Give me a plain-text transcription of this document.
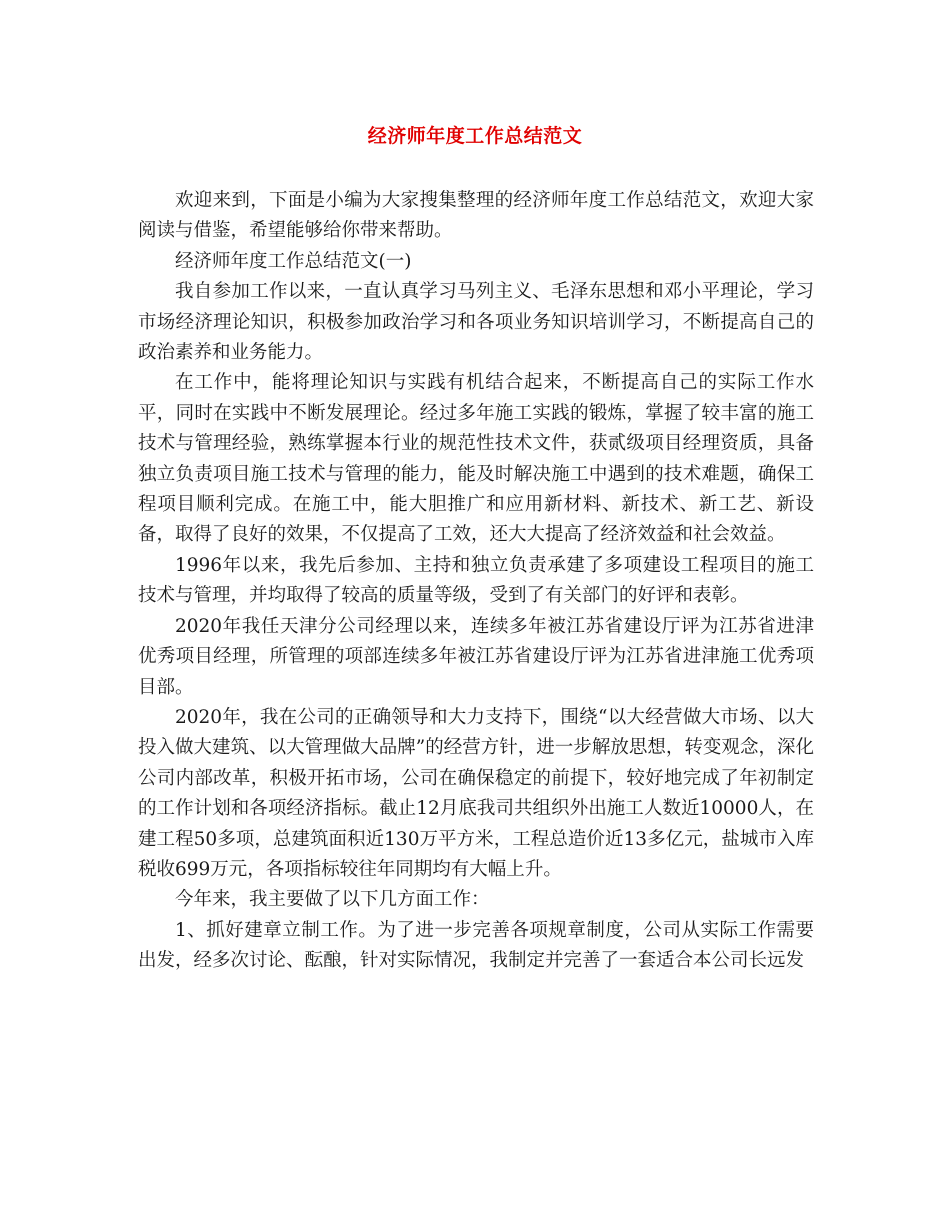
经济师年度工作总结范文

欢迎来到，下面是小编为大家搜集整理的经济师年度工作总结范文，欢迎大家阅读与借鉴，希望能够给你带来帮助。

经济师年度工作总结范文(一)

我自参加工作以来，一直认真学习马列主义、毛泽东思想和邓小平理论，学习市场经济理论知识，积极参加政治学习和各项业务知识培训学习，不断提高自己的政治素养和业务能力。

在工作中，能将理论知识与实践有机结合起来，不断提高自己的实际工作水平，同时在实践中不断发展理论。经过多年施工实践的锻炼，掌握了较丰富的施工技术与管理经验，熟练掌握本行业的规范性技术文件，获贰级项目经理资质，具备独立负责项目施工技术与管理的能力，能及时解决施工中遇到的技术难题，确保工程项目顺利完成。在施工中，能大胆推广和应用新材料、新技术、新工艺、新设备，取得了良好的效果，不仅提高了工效，还大大提高了经济效益和社会效益。

1996年以来，我先后参加、主持和独立负责承建了多项建设工程项目的施工技术与管理，并均取得了较高的质量等级，受到了有关部门的好评和表彰。

2020年我任天津分公司经理以来，连续多年被江苏省建设厅评为江苏省进津优秀项目经理，所管理的项部连续多年被江苏省建设厅评为江苏省进津施工优秀项目部。

2020年，我在公司的正确领导和大力支持下，围绕“以大经营做大市场、以大投入做大建筑、以大管理做大品牌”的经营方针，进一步解放思想，转变观念，深化公司内部改革，积极开拓市场，公司在确保稳定的前提下，较好地完成了年初制定的工作计划和各项经济指标。截止12月底我司共组织外出施工人数近10000人，在建工程50多项，总建筑面积近130万平方米，工程总造价近13多亿元，盐城市入库税收699万元，各项指标较往年同期均有大幅上升。

今年来，我主要做了以下几方面工作：

1、抓好建章立制工作。为了进一步完善各项规章制度，公司从实际工作需要出发，经多次讨论、酝酿，针对实际情况，我制定并完善了一套适合本公司长远发
